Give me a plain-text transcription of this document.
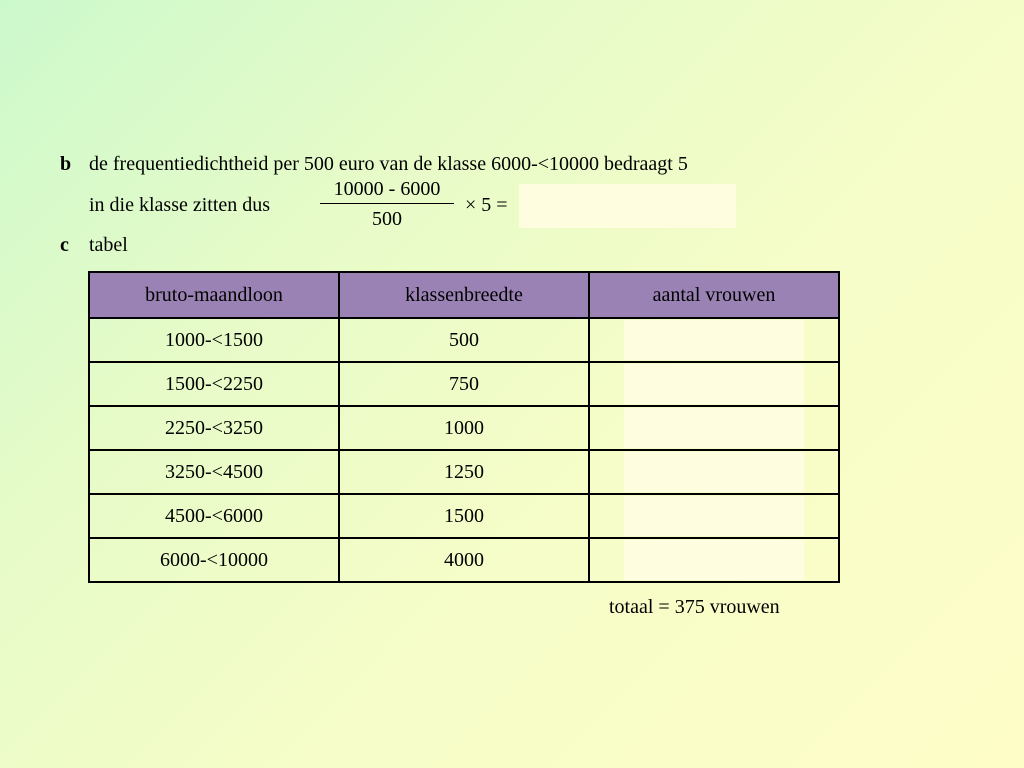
b de frequentiedichtheid per 500 euro van de klasse 6000-<10000 bedraagt 5
in die klasse zitten dus
10000 - 6000
500
× 5 =
c tabel
bruto-maandloon	klassenbreedte	aantal vrouwen
1000-<1500	500	
1500-<2250	750	
2250-<3250	1000	
3250-<4500	1250	
4500-<6000	1500	
6000-<10000	4000	
totaal = 375 vrouwen
